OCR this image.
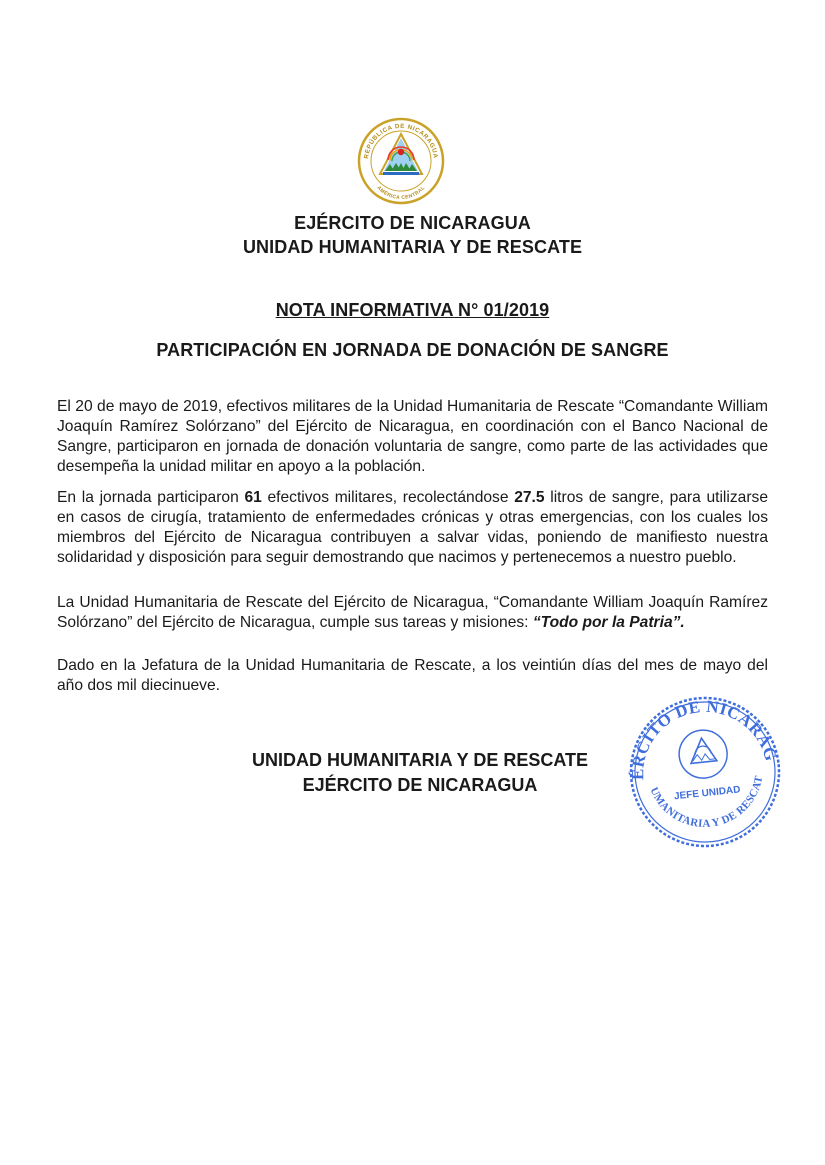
REPÚBLICA DE NICARAGUA
AMÉRICA CENTRAL
EJÉRCITO DE NICARAGUA
UNIDAD HUMANITARIA Y DE RESCATE
NOTA INFORMATIVA N° 01/2019
PARTICIPACIÓN EN JORNADA DE DONACIÓN DE SANGRE

El 20 de mayo de 2019, efectivos militares de la Unidad Humanitaria de Rescate “Comandante William Joaquín Ramírez Solórzano” del Ejército de Nicaragua, en coordinación con el Banco Nacional de Sangre, participaron en jornada de donación voluntaria de sangre, como parte de las actividades que desempeña la unidad militar en apoyo a la población.

En la jornada participaron 61 efectivos militares, recolectándose 27.5 litros de sangre, para utilizarse en casos de cirugía, tratamiento de enfermedades crónicas y otras emergencias, con los cuales los miembros del Ejército de Nicaragua contribuyen a salvar vidas, poniendo de manifiesto nuestra solidaridad y disposición para seguir demostrando que nacimos y pertenecemos a nuestro pueblo.

La Unidad Humanitaria de Rescate del Ejército de Nicaragua, “Comandante William Joaquín Ramírez Solórzano” del Ejército de Nicaragua, cumple sus tareas y misiones: “Todo por la Patria”.

Dado en la Jefatura de la Unidad Humanitaria de Rescate, a los veintiún días del mes de mayo del año dos mil diecinueve.

UNIDAD HUMANITARIA Y DE RESCATE
EJÉRCITO DE NICARAGUA
EJÉRCITO DE NICARAGUA
HUMANITARIA Y DE RESCATE
JEFE UNIDAD
